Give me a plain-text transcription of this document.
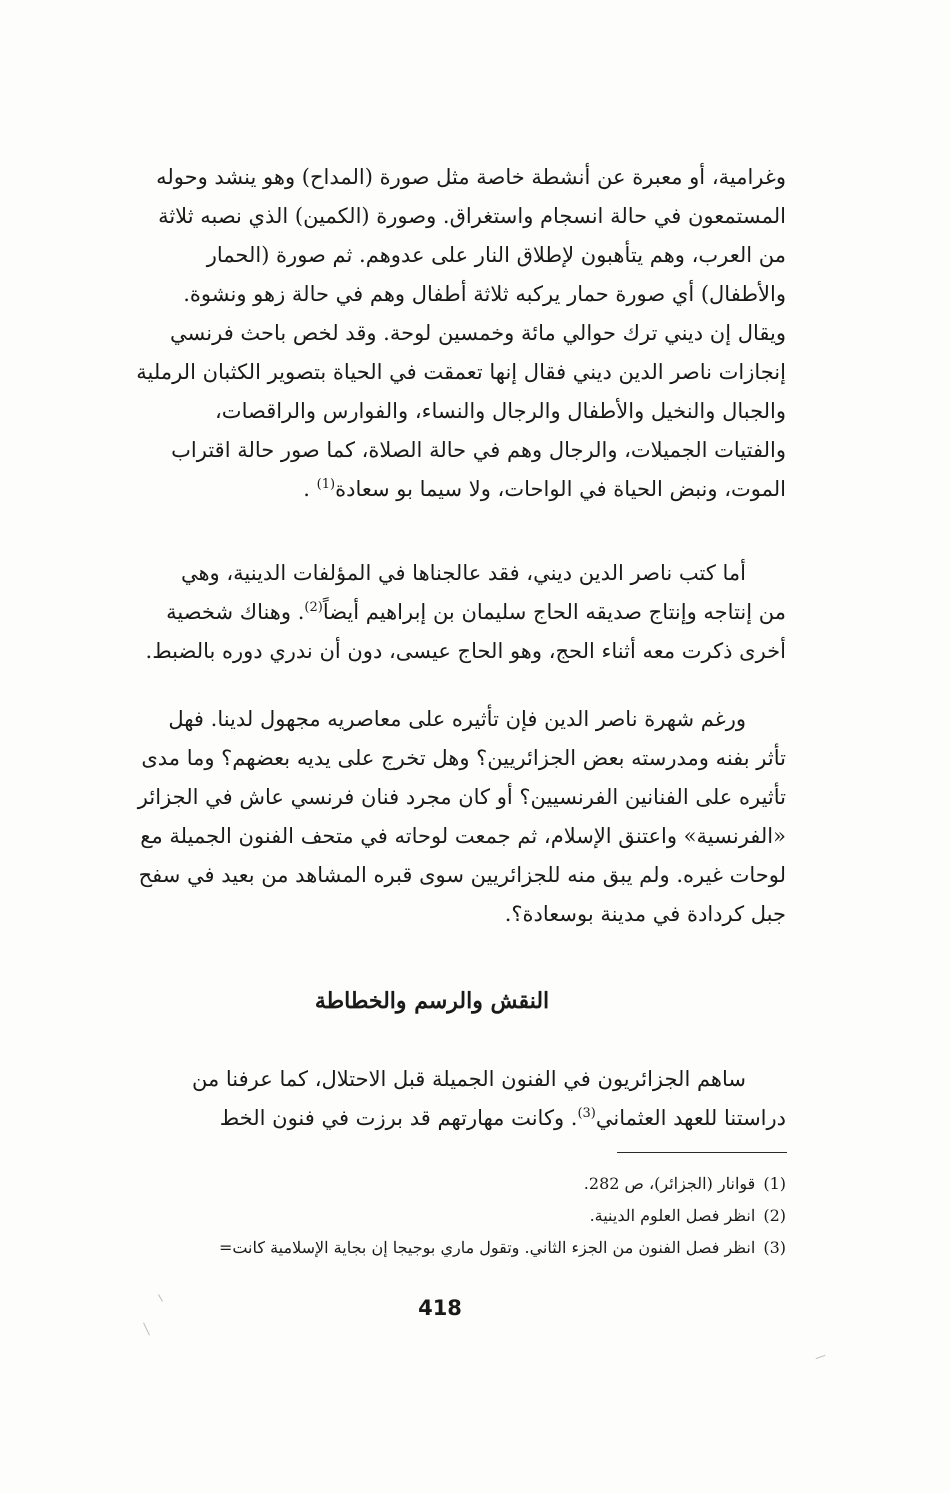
وغرامية، أو معبرة عن أنشطة خاصة مثل صورة (المداح) وهو ينشد وحوله

المستمعون في حالة انسجام واستغراق. وصورة (الكمين) الذي نصبه ثلاثة

من العرب، وهم يتأهبون لإطلاق النار على عدوهم. ثم صورة (الحمار

والأطفال) أي صورة حمار يركبه ثلاثة أطفال وهم في حالة زهو ونشوة.

ويقال إن ديني ترك حوالي مائة وخمسين لوحة. وقد لخص باحث فرنسي

إنجازات ناصر الدين ديني فقال إنها تعمقت في الحياة بتصوير الكثبان الرملية

والجبال والنخيل والأطفال والرجال والنساء، والفوارس والراقصات،

والفتيات الجميلات، والرجال وهم في حالة الصلاة، كما صور حالة اقتراب

الموت، ونبض الحياة في الواحات، ولا سيما بو سعادة$^{(1)}$ .

أما كتب ناصر الدين ديني، فقد عالجناها في المؤلفات الدينية، وهي

من إنتاجه وإنتاج صديقه الحاج سليمان بن إبراهيم أيضاً$^{(2)}$. وهناك شخصية

أخرى ذكرت معه أثناء الحج، وهو الحاج عيسى، دون أن ندري دوره بالضبط.

ورغم شهرة ناصر الدين فإن تأثيره على معاصريه مجهول لدينا. فهل

تأثر بفنه ومدرسته بعض الجزائريين؟ وهل تخرج على يديه بعضهم؟ وما مدى

تأثيره على الفنانين الفرنسيين؟ أو كان مجرد فنان فرنسي عاش في الجزائر

«الفرنسية» واعتنق الإسلام، ثم جمعت لوحاته في متحف الفنون الجميلة مع

لوحات غيره. ولم يبق منه للجزائريين سوى قبره المشاهد من بعيد في سفح

جبل كردادة في مدينة بوسعادة؟.

النقش والرسم والخطاطة

ساهم الجزائريون في الفنون الجميلة قبل الاحتلال، كما عرفنا من

دراستنا للعهد العثماني$^{(3)}$. وكانت مهارتهم قد برزت في فنون الخط

(1)قوانار (الجزائر)، ص 282.
(2)انظر فصل العلوم الدينية.
(3)انظر فصل الفنون من الجزء الثاني. وتقول ماري بوجيجا إن بجاية الإسلامية كانت=
418
